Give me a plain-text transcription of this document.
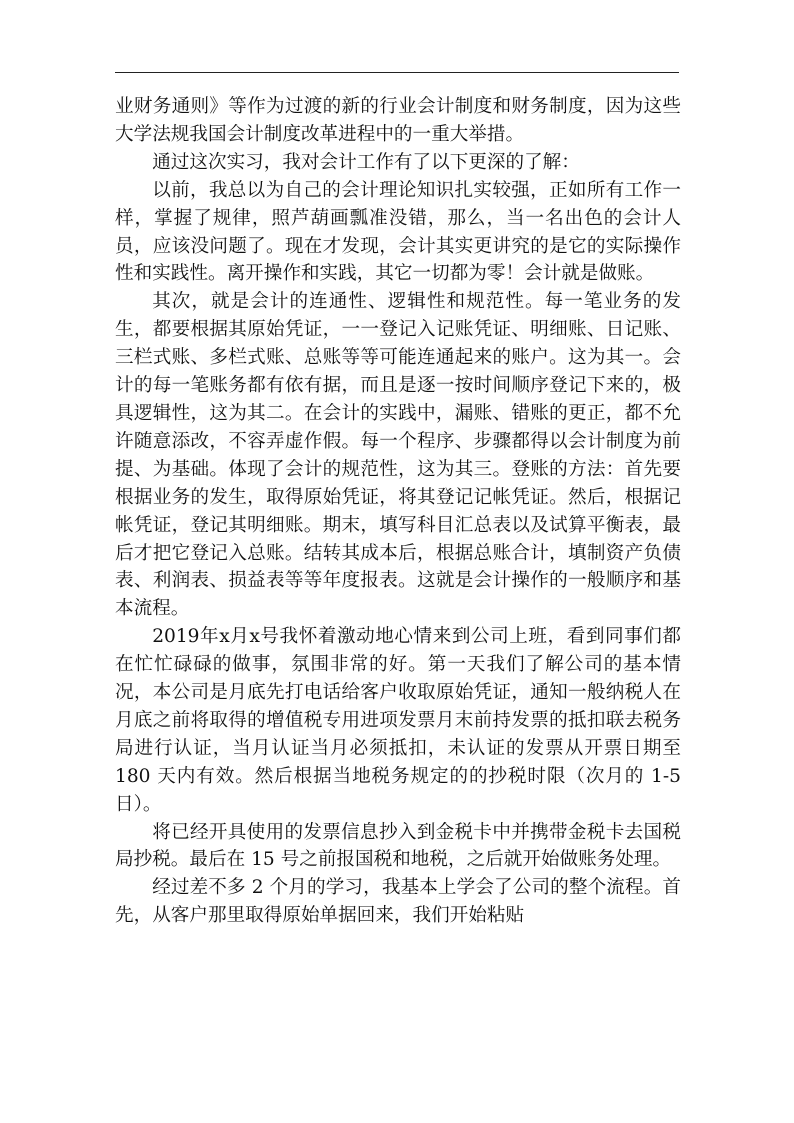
业财务通则》等作为过渡的新的行业会计制度和财务制度，因为这些大学法规我国会计制度改革进程中的一重大举措。

通过这次实习，我对会计工作有了以下更深的了解：

以前，我总以为自己的会计理论知识扎实较强，正如所有工作一样，掌握了规律，照芦葫画瓢准没错，那么，当一名出色的会计人员，应该没问题了。现在才发现，会计其实更讲究的是它的实际操作性和实践性。离开操作和实践，其它一切都为零！会计就是做账。

其次，就是会计的连通性、逻辑性和规范性。每一笔业务的发生，都要根据其原始凭证，一一登记入记账凭证、明细账、日记账、三栏式账、多栏式账、总账等等可能连通起来的账户。这为其一。会计的每一笔账务都有依有据，而且是逐一按时间顺序登记下来的，极具逻辑性，这为其二。在会计的实践中，漏账、错账的更正，都不允许随意添改，不容弄虚作假。每一个程序、步骤都得以会计制度为前提、为基础。体现了会计的规范性，这为其三。登账的方法：首先要根据业务的发生，取得原始凭证，将其登记记帐凭证。然后，根据记帐凭证，登记其明细账。期末，填写科目汇总表以及试算平衡表，最后才把它登记入总账。结转其成本后，根据总账合计，填制资产负债表、利润表、损益表等等年度报表。这就是会计操作的一般顺序和基本流程。

2019年x月x号我怀着激动地心情来到公司上班，看到同事们都在忙忙碌碌的做事，氛围非常的好。第一天我们了解公司的基本情况，本公司是月底先打电话给客户收取原始凭证，通知一般纳税人在月底之前将取得的增值税专用进项发票月末前持发票的抵扣联去税务局进行认证，当月认证当月必须抵扣，未认证的发票从开票日期至 180 天内有效。然后根据当地税务规定的的抄税时限（次月的 1-5 日）。

将已经开具使用的发票信息抄入到金税卡中并携带金税卡去国税局抄税。最后在 15 号之前报国税和地税，之后就开始做账务处理。

经过差不多 2 个月的学习，我基本上学会了公司的整个流程。首先，从客户那里取得原始单据回来，我们开始粘贴
